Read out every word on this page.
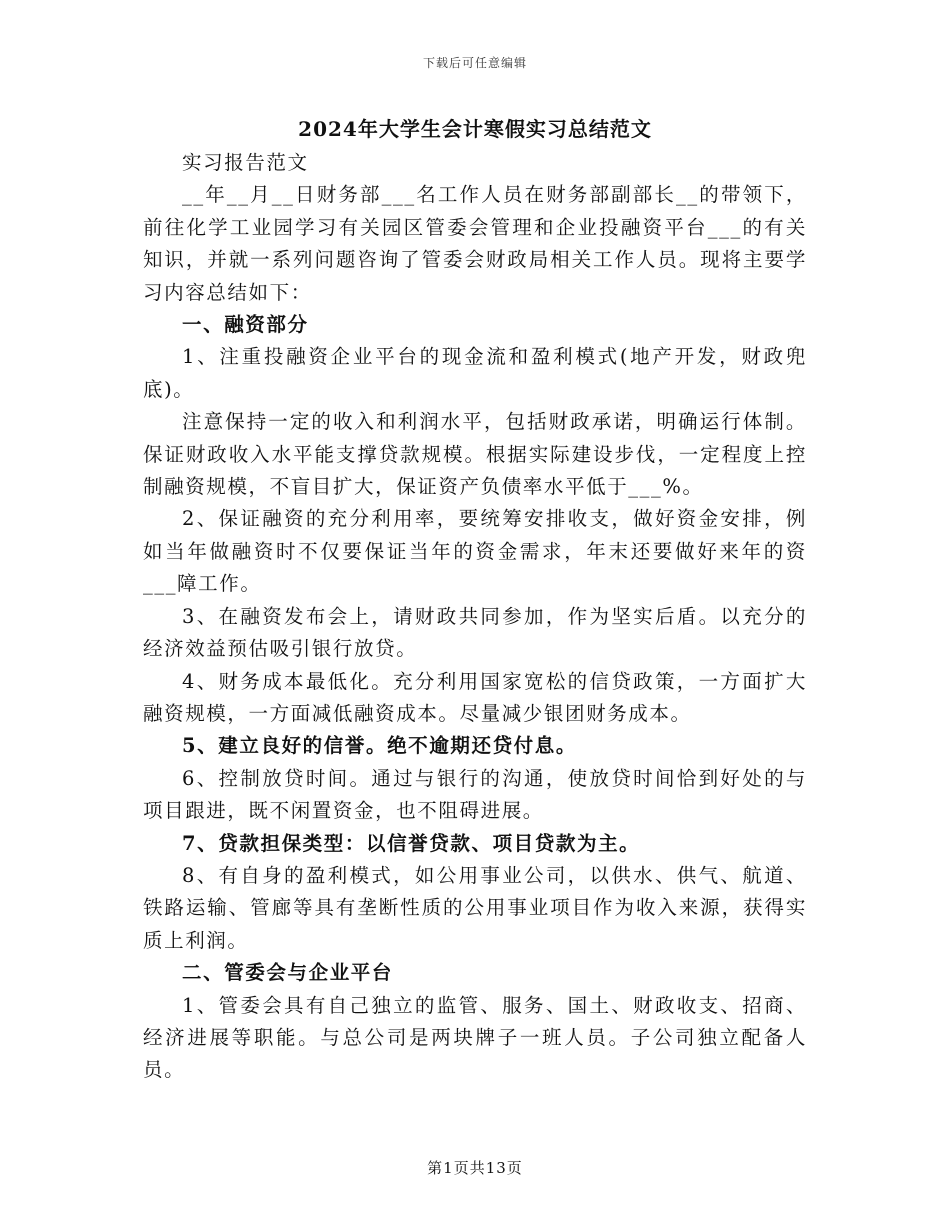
下载后可任意编辑
2024年大学生会计寒假实习总结范文

实习报告范文

__年__月__日财务部___名工作人员在财务部副部长__的带领下，前往化学工业园学习有关园区管委会管理和企业投融资平台___的有关知识，并就一系列问题咨询了管委会财政局相关工作人员。现将主要学习内容总结如下：

一、融资部分

1、注重投融资企业平台的现金流和盈利模式(地产开发，财政兜底)。

注意保持一定的收入和利润水平，包括财政承诺，明确运行体制。保证财政收入水平能支撑贷款规模。根据实际建设步伐，一定程度上控制融资规模，不盲目扩大，保证资产负债率水平低于___%。

2、保证融资的充分利用率，要统筹安排收支，做好资金安排，例如当年做融资时不仅要保证当年的资金需求，年末还要做好来年的资___障工作。

3、在融资发布会上，请财政共同参加，作为坚实后盾。以充分的经济效益预估吸引银行放贷。

4、财务成本最低化。充分利用国家宽松的信贷政策，一方面扩大融资规模，一方面减低融资成本。尽量减少银团财务成本。

5、建立良好的信誉。绝不逾期还贷付息。

6、控制放贷时间。通过与银行的沟通，使放贷时间恰到好处的与项目跟进，既不闲置资金，也不阻碍进展。

7、贷款担保类型：以信誉贷款、项目贷款为主。

8、有自身的盈利模式，如公用事业公司，以供水、供气、航道、铁路运输、管廊等具有垄断性质的公用事业项目作为收入来源，获得实质上利润。

二、管委会与企业平台

1、管委会具有自己独立的监管、服务、国土、财政收支、招商、经济进展等职能。与总公司是两块牌子一班人员。子公司独立配备人员。

第1页共13页
